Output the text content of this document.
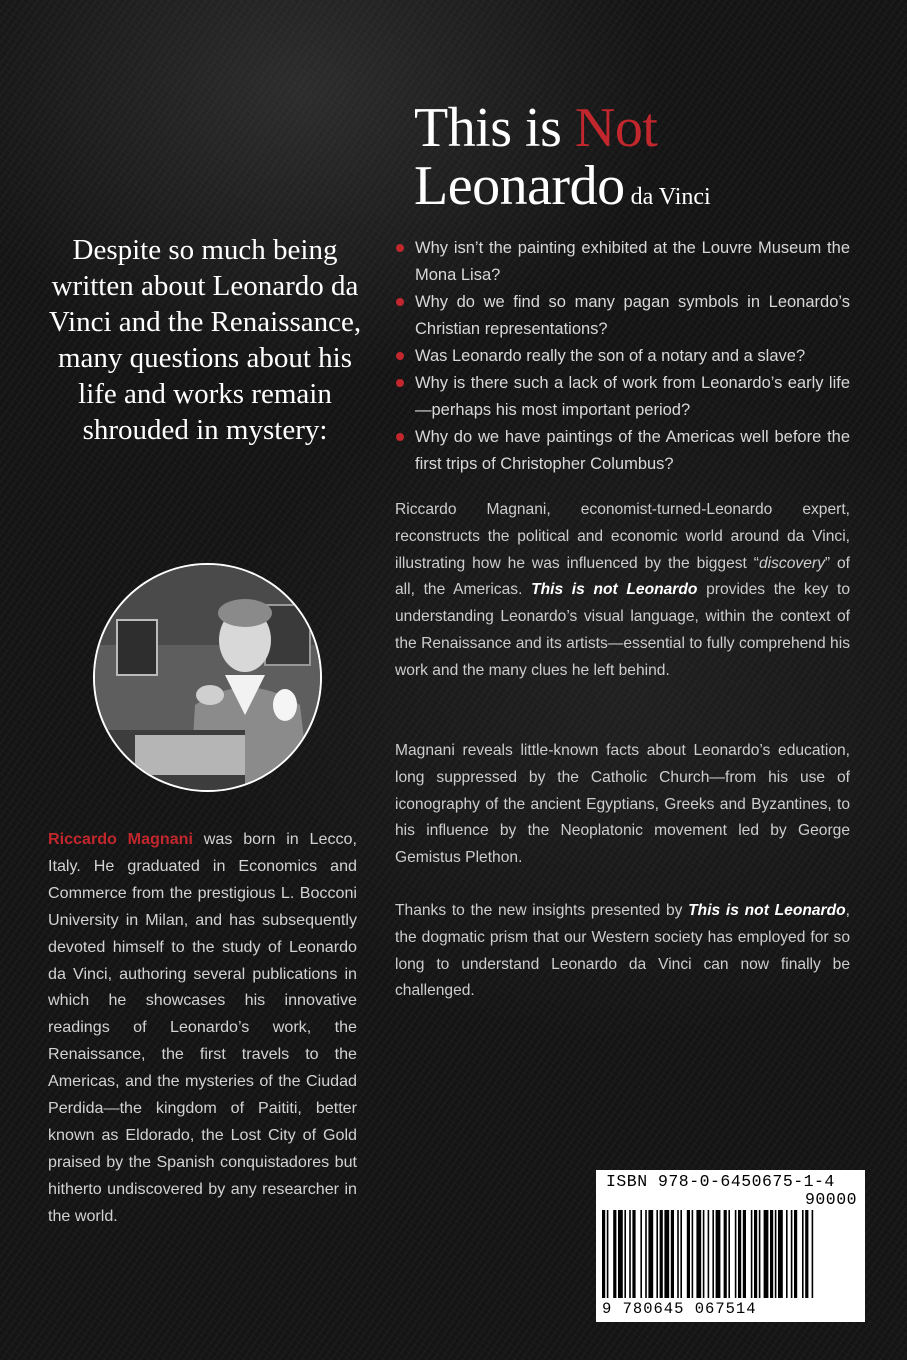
This is Not
Leonardo da Vinci
Despite so much being written about Leonardo da Vinci and the Renaissance, many questions about his life and works remain shrouded in mystery:
Riccardo Magnani was born in Lecco, Italy. He graduated in Economics and Commerce from the prestigious L. Bocconi University in Milan, and has subsequently devoted himself to the study of Leonardo da Vinci, authoring several publications in which he showcases his innovative readings of Leonardo’s work, the Renaissance, the first travels to the Americas, and the mysteries of the Ciudad Perdida—the kingdom of Paititi, better known as Eldorado, the Lost City of Gold praised by the Spanish conquistadores but hitherto undiscovered by any researcher in the world.
Why isn’t the painting exhibited at the Louvre Museum the Mona Lisa?
Why do we find so many pagan symbols in Leonardo’s Christian representations?
Was Leonardo really the son of a notary and a slave?
Why is there such a lack of work from Leonardo’s early life—perhaps his most important period?
Why do we have paintings of the Americas well before the first trips of Christopher Columbus?
Riccardo Magnani, economist-turned-Leonardo expert, reconstructs the political and economic world around da Vinci, illustrating how he was influenced by the biggest “discovery” of all, the Americas. This is not Leonardo provides the key to understanding Leonardo’s visual language, within the context of the Renaissance and its artists—essential to fully comprehend his work and the many clues he left behind.
Magnani reveals little-known facts about Leonardo’s education, long suppressed by the Catholic Church—from his use of iconography of the ancient Egyptians, Greeks and Byzantines, to his influence by the Neoplatonic movement led by George Gemistus Plethon.
Thanks to the new insights presented by This is not Leonardo, the dogmatic prism that our Western society has employed for so long to understand Leonardo da Vinci can now finally be challenged.
ISBN 978-0-6450675-1-4
90000
9 780645 067514
